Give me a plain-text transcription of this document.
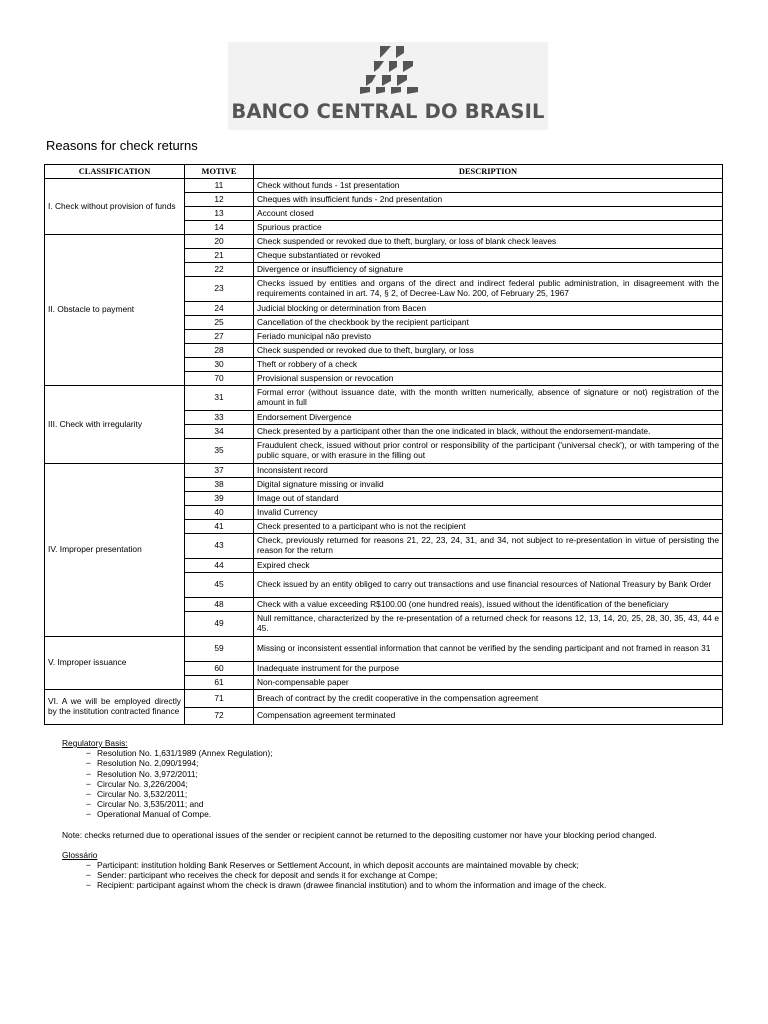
BANCO CENTRAL DO BRASIL
Reasons for check returns
CLASSIFICATION	MOTIVE	DESCRIPTION
I. Check without provision of funds	11	Check without funds - 1st presentation
	12	Cheques with insufficient funds - 2nd presentation
	13	Account closed
	14	Spurious practice
II. Obstacle to payment	20	Check suspended or revoked due to theft, burglary, or loss of blank check leaves
	21	Cheque substantiated or revoked
	22	Divergence or insufficiency of signature
	23	Checks issued by entities and organs of the direct and indirect federal public administration, in disagreement with the requirements contained in art. 74, § 2, of Decree-Law No. 200, of February 25, 1967
	24	Judicial blocking or determination from Bacen
	25	Cancellation of the checkbook by the recipient participant
	27	Feriado municipal não previsto
	28	Check suspended or revoked due to theft, burglary, or loss
	30	Theft or robbery of a check
	70	Provisional suspension or revocation
III. Check with irregularity	31	Formal error (without issuance date, with the month written numerically, absence of signature or not) registration of the amount in full
	33	Endorsement Divergence
	34	Check presented by a participant other than the one indicated in black, without the endorsement-mandate.
	35	Fraudulent check, issued without prior control or responsibility of the participant ('universal check'), or with tampering of the public square, or with erasure in the filling out
IV. Improper presentation	37	Inconsistent record
	38	Digital signature missing or invalid
	39	Image out of standard
	40	Invalid Currency
	41	Check presented to a participant who is not the recipient
	43	Check, previously returned for reasons 21, 22, 23, 24, 31, and 34, not subject to re-presentation in virtue of persisting the reason for the return
	44	Expired check
	45	Check issued by an entity obliged to carry out transactions and use financial resources of National Treasury by Bank Order
	48	Check with a value exceeding R$100.00 (one hundred reais), issued without the identification of the beneficiary
	49	Null remittance, characterized by the re-presentation of a returned check for reasons 12, 13, 14, 20, 25, 28, 30, 35, 43, 44 e 45.
V. Improper issuance	59	Missing or inconsistent essential information that cannot be verified by the sending participant and not framed in reason 31
	60	Inadequate instrument for the purpose
	61	Non-compensable paper
VI. A we will be employed directly by the institution contracted finance	71	Breach of contract by the credit cooperative in the compensation agreement
	72	Compensation agreement terminated
Regulatory Basis:
− Resolution No. 1,631/1989 (Annex Regulation);
− Resolution No. 2,090/1994;
− Resolution No. 3,972/2011;
− Circular No. 3,226/2004;
− Circular No. 3,532/2011;
− Circular No. 3,535/2011; and
− Operational Manual of Compe.
Note: checks returned due to operational issues of the sender or recipient cannot be returned to the depositing customer nor have your blocking period changed.
Glossário
− Participant: institution holding Bank Reserves or Settlement Account, in which deposit accounts are maintained movable by check;
− Sender: participant who receives the check for deposit and sends it for exchange at Compe;
− Recipient: participant against whom the check is drawn (drawee financial institution) and to whom the information and image of the check.
